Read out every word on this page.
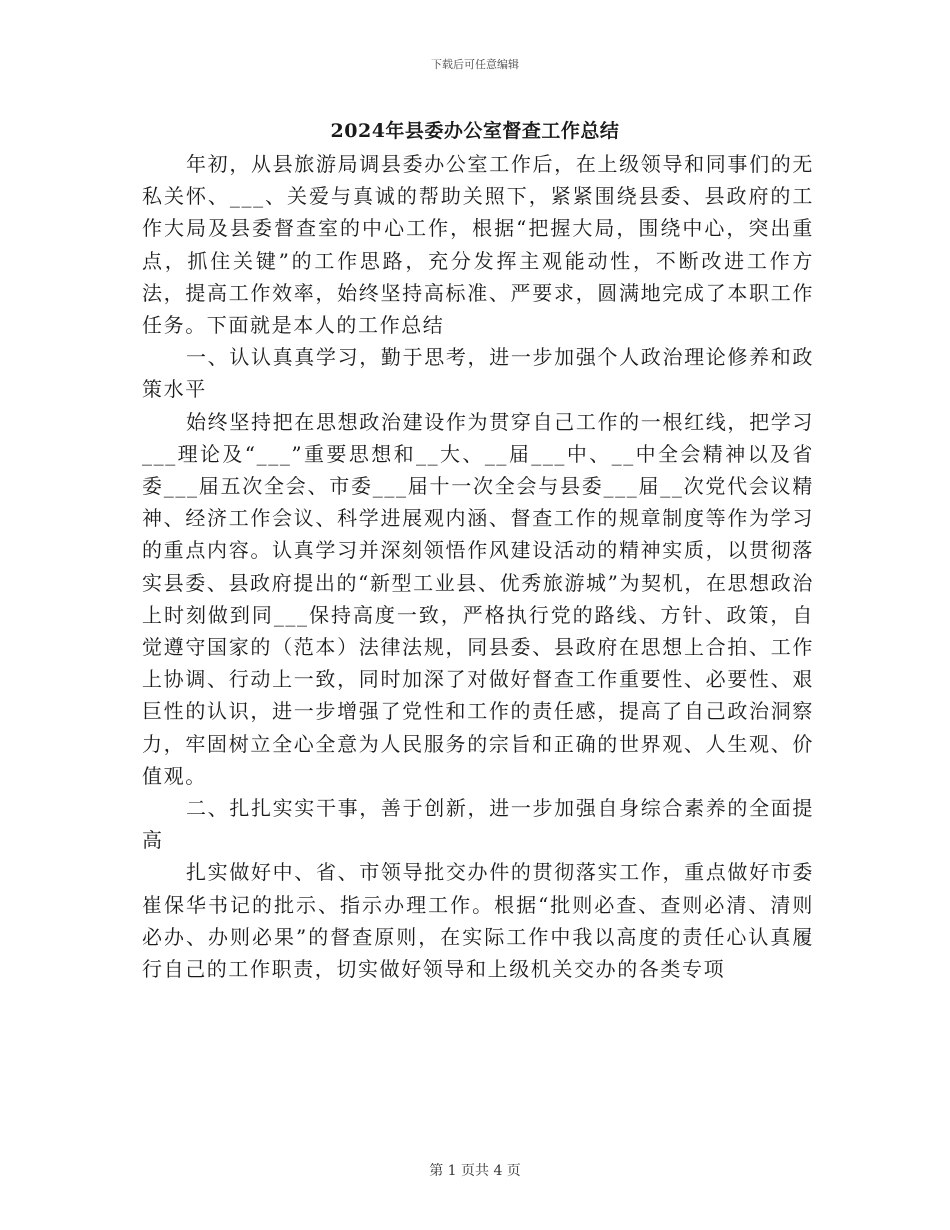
下载后可任意编辑
2024年县委办公室督查工作总结

年初，从县旅游局调县委办公室工作后，在上级领导和同事们的无私关怀、___、关爱与真诚的帮助关照下，紧紧围绕县委、县政府的工作大局及县委督查室的中心工作，根据“把握大局，围绕中心，突出重点，抓住关键”的工作思路，充分发挥主观能动性，不断改进工作方法，提高工作效率，始终坚持高标准、严要求，圆满地完成了本职工作任务。下面就是本人的工作总结

一、认认真真学习，勤于思考，进一步加强个人政治理论修养和政策水平

始终坚持把在思想政治建设作为贯穿自己工作的一根红线，把学习___理论及“___”重要思想和__大、__届___中、__中全会精神以及省委___届五次全会、市委___届十一次全会与县委___届__次党代会议精神、经济工作会议、科学进展观内涵、督查工作的规章制度等作为学习的重点内容。认真学习并深刻领悟作风建设活动的精神实质，以贯彻落实县委、县政府提出的“新型工业县、优秀旅游城”为契机，在思想政治上时刻做到同___保持高度一致，严格执行党的路线、方针、政策，自觉遵守国家的（范本）法律法规，同县委、县政府在思想上合拍、工作上协调、行动上一致，同时加深了对做好督查工作重要性、必要性、艰巨性的认识，进一步增强了党性和工作的责任感，提高了自己政治洞察力，牢固树立全心全意为人民服务的宗旨和正确的世界观、人生观、价值观。

二、扎扎实实干事，善于创新，进一步加强自身综合素养的全面提高

扎实做好中、省、市领导批交办件的贯彻落实工作，重点做好市委崔保华书记的批示、指示办理工作。根据“批则必查、查则必清、清则必办、办则必果”的督查原则，在实际工作中我以高度的责任心认真履行自己的工作职责，切实做好领导和上级机关交办的各类专项

第 1 页共 4 页
